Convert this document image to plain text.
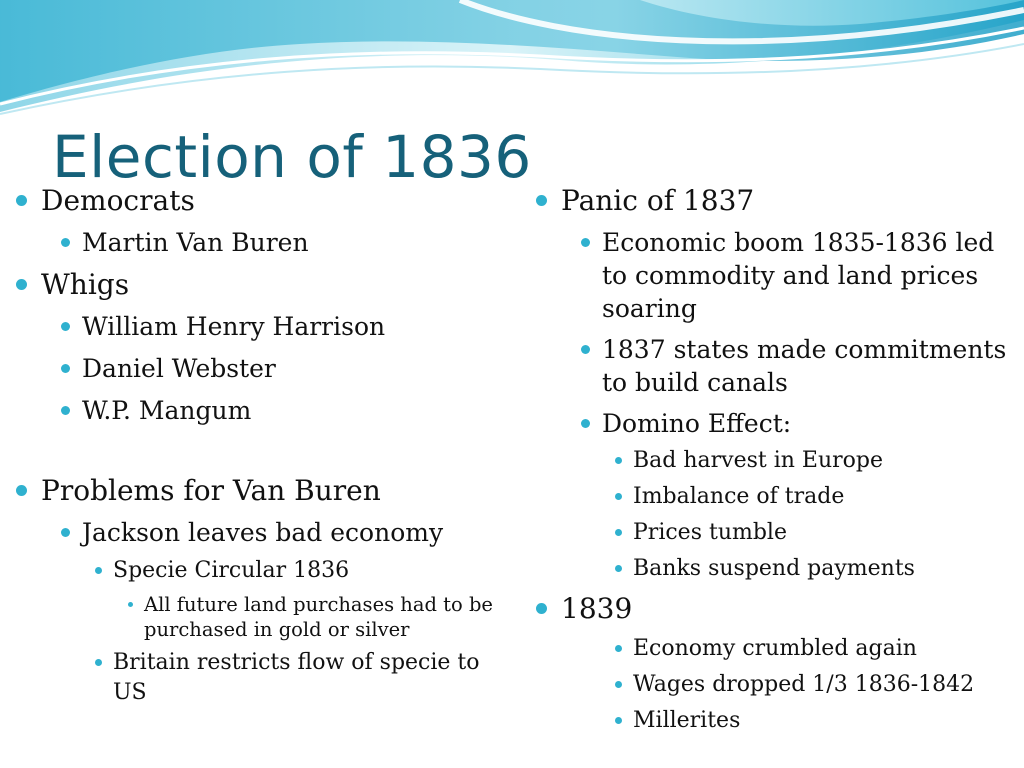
Election of 1836
Democrats
Martin Van Buren
Whigs
William Henry Harrison
Daniel Webster
W.P. Mangum
Problems for Van Buren
Jackson leaves bad economy
Specie Circular 1836
All future land purchases had to be purchased in gold or silver
Britain restricts flow of specie to US
Panic of 1837
Economic boom 1835-1836 led to commodity and land prices soaring
1837 states made commitments to build canals
Domino Effect:
Bad harvest in Europe
Imbalance of trade
Prices tumble
Banks suspend payments
1839
Economy crumbled again
Wages dropped 1/3 1836-1842
Millerites
